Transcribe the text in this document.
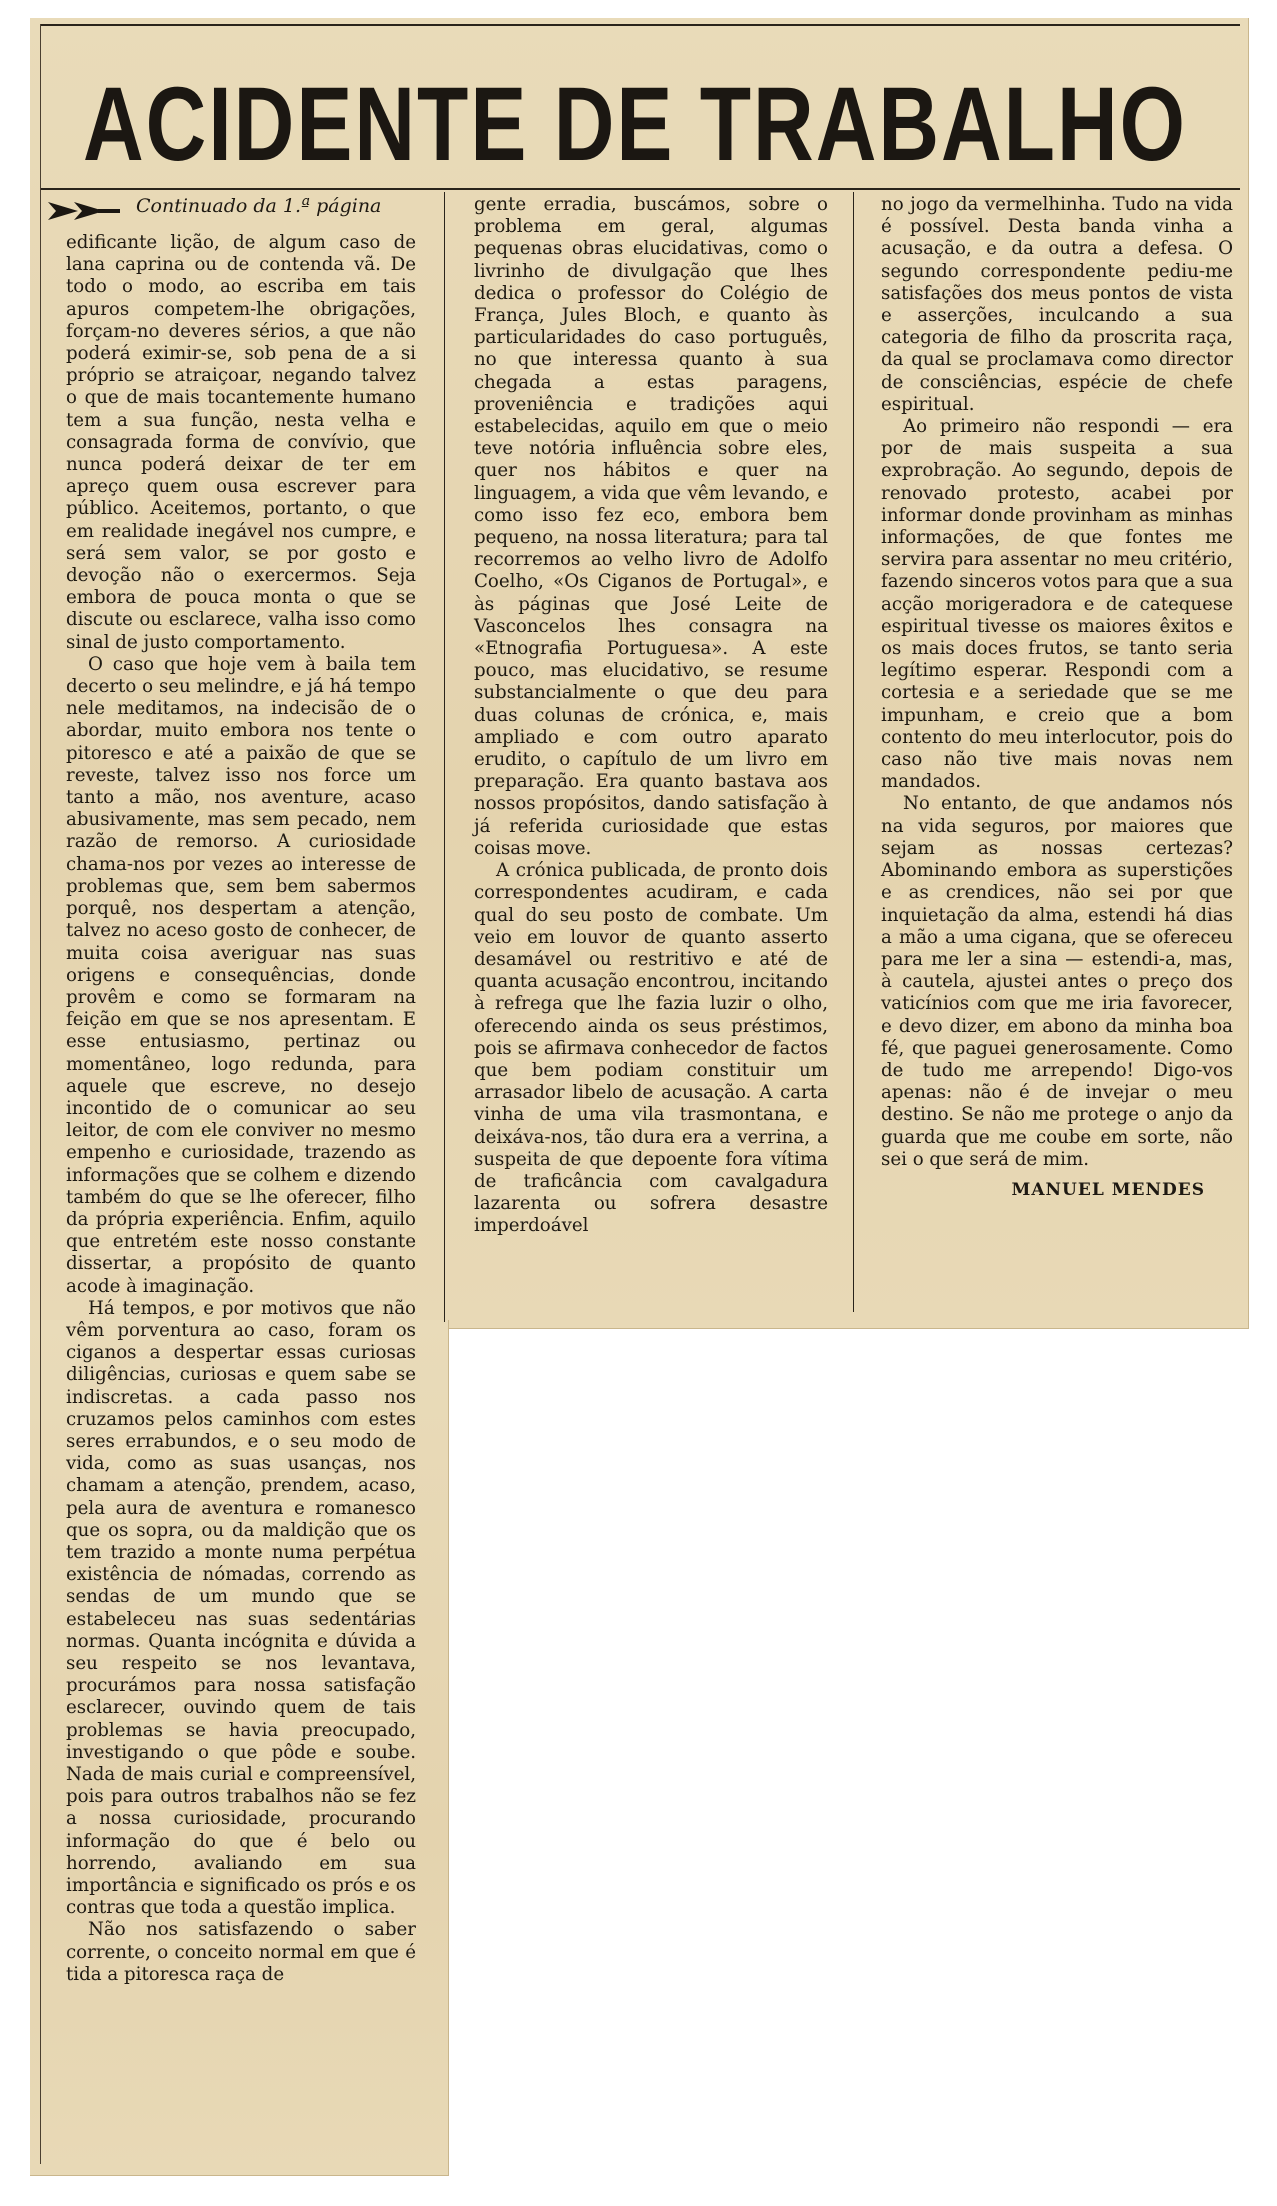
ACIDENTE DE TRABALHO
Continuado da 1.ª página

edificante lição, de algum caso de lana caprina ou de contenda vã. De todo o modo, ao escriba em tais apuros competem-lhe obrigações, forçam-no deveres sérios, a que não poderá eximir-se, sob pena de a si próprio se atraiçoar, negando talvez o que de mais tocantemente humano tem a sua função, nesta velha e consagrada forma de convívio, que nunca poderá deixar de ter em apreço quem ousa escrever para público. Aceitemos, portanto, o que em realidade inegável nos cumpre, e será sem valor, se por gosto e devoção não o exercermos. Seja embora de pouca monta o que se discute ou esclarece, valha isso como sinal de justo comportamento.

O caso que hoje vem à baila tem decerto o seu melindre, e já há tempo nele meditamos, na indecisão de o abordar, muito embora nos tente o pitoresco e até a paixão de que se reveste, talvez isso nos force um tanto a mão, nos aventure, acaso abusivamente, mas sem pecado, nem razão de remorso. A curiosidade chama-nos por vezes ao interesse de problemas que, sem bem sabermos porquê, nos despertam a atenção, talvez no aceso gosto de conhecer, de muita coisa averiguar nas suas origens e consequências, donde provêm e como se formaram na feição em que se nos apresentam. E esse entusiasmo, pertinaz ou momentâneo, logo redunda, para aquele que escreve, no desejo incontido de o comunicar ao seu leitor, de com ele conviver no mesmo empenho e curiosidade, trazendo as informações que se colhem e dizendo também do que se lhe oferecer, filho da própria experiência. Enfim, aquilo que entretém este nosso constante dissertar, a propósito de quanto acode à imaginação.

Há tempos, e por motivos que não vêm porventura ao caso, foram os ciganos a despertar essas curiosas diligências, curiosas e quem sabe se indiscretas. a cada passo nos cruzamos pelos caminhos com estes seres errabundos, e o seu modo de vida, como as suas usanças, nos chamam a atenção, prendem, acaso, pela aura de aventura e romanesco que os sopra, ou da maldição que os tem trazido a monte numa perpétua existência de nómadas, correndo as sendas de um mundo que se estabeleceu nas suas sedentárias normas. Quanta incógnita e dúvida a seu respeito se nos levantava, procurámos para nossa satisfação esclarecer, ouvindo quem de tais problemas se havia preocupado, investigando o que pôde e soube. Nada de mais curial e compreensível, pois para outros trabalhos não se fez a nossa curiosidade, procurando informação do que é belo ou horrendo, avaliando em sua importância e significado os prós e os contras que toda a questão implica.

Não nos satisfazendo o saber corrente, o conceito normal em que é tida a pitoresca raça de

gente erradia, buscámos, sobre o problema em geral, algumas pequenas obras elucidativas, como o livrinho de divulgação que lhes dedica o professor do Colégio de França, Jules Bloch, e quanto às particularidades do caso português, no que interessa quanto à sua chegada a estas paragens, proveniência e tradições aqui estabelecidas, aquilo em que o meio teve notória influência sobre eles, quer nos hábitos e quer na linguagem, a vida que vêm levando, e como isso fez eco, embora bem pequeno, na nossa literatura; para tal recorremos ao velho livro de Adolfo Coelho, «Os Ciganos de Portugal», e às páginas que José Leite de Vasconcelos lhes consagra na «Etnografia Portuguesa». A este pouco, mas elucidativo, se resume substancialmente o que deu para duas colunas de crónica, e, mais ampliado e com outro aparato erudito, o capítulo de um livro em preparação. Era quanto bastava aos nossos propósitos, dando satisfação à já referida curiosidade que estas coisas move.

A crónica publicada, de pronto dois correspondentes acudiram, e cada qual do seu posto de combate. Um veio em louvor de quanto asserto desamável ou restritivo e até de quanta acusação encontrou, incitando à refrega que lhe fazia luzir o olho, oferecendo ainda os seus préstimos, pois se afirmava conhecedor de factos que bem podiam constituir um arrasador libelo de acusação. A carta vinha de uma vila trasmontana, e deixáva-nos, tão dura era a verrina, a suspeita de que depoente fora vítima de traficância com cavalgadura lazarenta ou sofrera desastre imperdoável

no jogo da vermelhinha. Tudo na vida é possível. Desta banda vinha a acusação, e da outra a defesa. O segundo correspondente pediu-me satisfações dos meus pontos de vista e asserções, inculcando a sua categoria de filho da proscrita raça, da qual se proclamava como director de consciências, espécie de chefe espiritual.

Ao primeiro não respondi — era por de mais suspeita a sua exprobração. Ao segundo, depois de renovado protesto, acabei por informar donde provinham as minhas informações, de que fontes me servira para assentar no meu critério, fazendo sinceros votos para que a sua acção morigeradora e de catequese espiritual tivesse os maiores êxitos e os mais doces frutos, se tanto seria legítimo esperar. Respondi com a cortesia e a seriedade que se me impunham, e creio que a bom contento do meu interlocutor, pois do caso não tive mais novas nem mandados.

No entanto, de que andamos nós na vida seguros, por maiores que sejam as nossas certezas? Abominando embora as superstições e as crendices, não sei por que inquietação da alma, estendi há dias a mão a uma cigana, que se ofereceu para me ler a sina — estendi-a, mas, à cautela, ajustei antes o preço dos vaticínios com que me iria favorecer, e devo dizer, em abono da minha boa fé, que paguei generosamente. Como de tudo me arrependo! Digo-vos apenas: não é de invejar o meu destino. Se não me protege o anjo da guarda que me coube em sorte, não sei o que será de mim.

MANUEL MENDES
